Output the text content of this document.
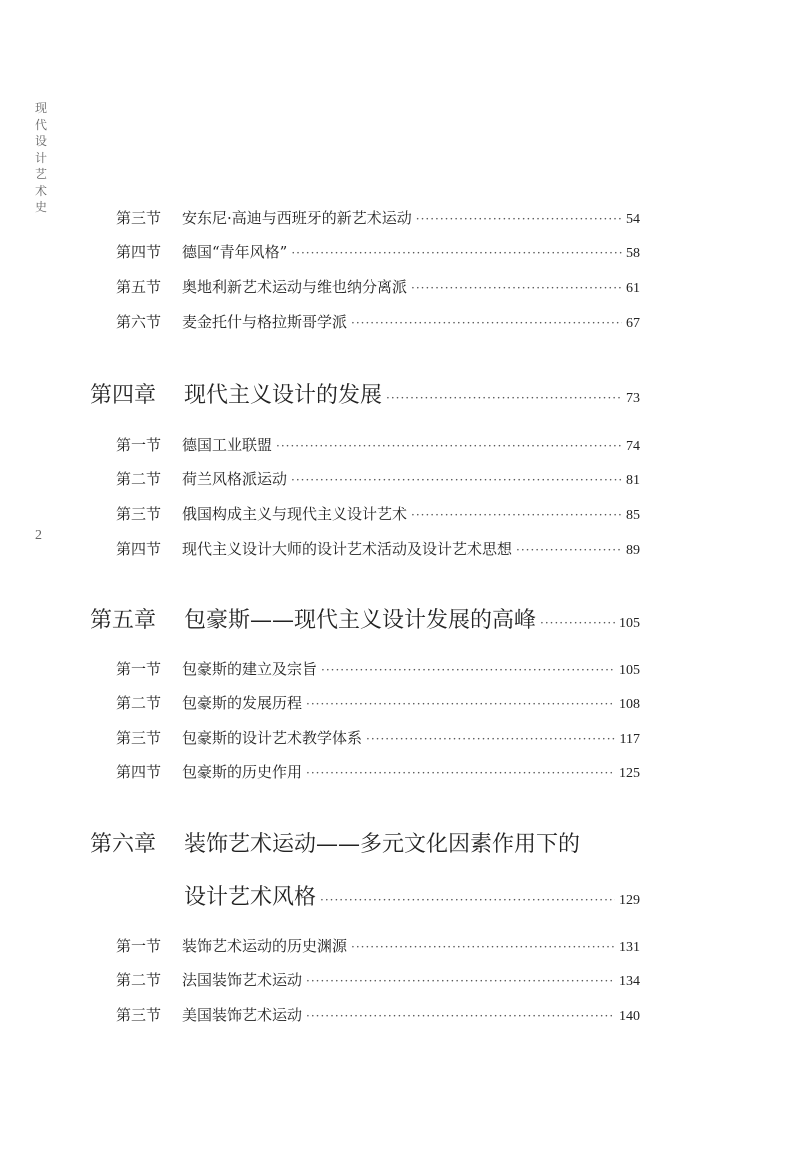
现代设计艺术史
2
第三节	安东尼·高迪与西班牙的新艺术运动 ·····	54
第四节	德国“青年风格” ·····	58
第五节	奥地利新艺术运动与维也纳分离派 ·····	61
第六节	麦金托什与格拉斯哥学派 ·····	67
第四章	现代主义设计的发展 ·····	73
第一节	德国工业联盟 ·····	74
第二节	荷兰风格派运动 ·····	81
第三节	俄国构成主义与现代主义设计艺术 ·····	85
第四节	现代主义设计大师的设计艺术活动及设计艺术思想 ·····	89
第五章	包豪斯——现代主义设计发展的高峰 ·····	105
第一节	包豪斯的建立及宗旨 ·····	105
第二节	包豪斯的发展历程 ·····	108
第三节	包豪斯的设计艺术教学体系 ·····	117
第四节	包豪斯的历史作用 ·····	125
第六章	装饰艺术运动——多元文化因素作用下的
设计艺术风格 ·····	129
第一节	装饰艺术运动的历史渊源 ·····	131
第二节	法国装饰艺术运动 ·····	134
第三节	美国装饰艺术运动 ·····	140
